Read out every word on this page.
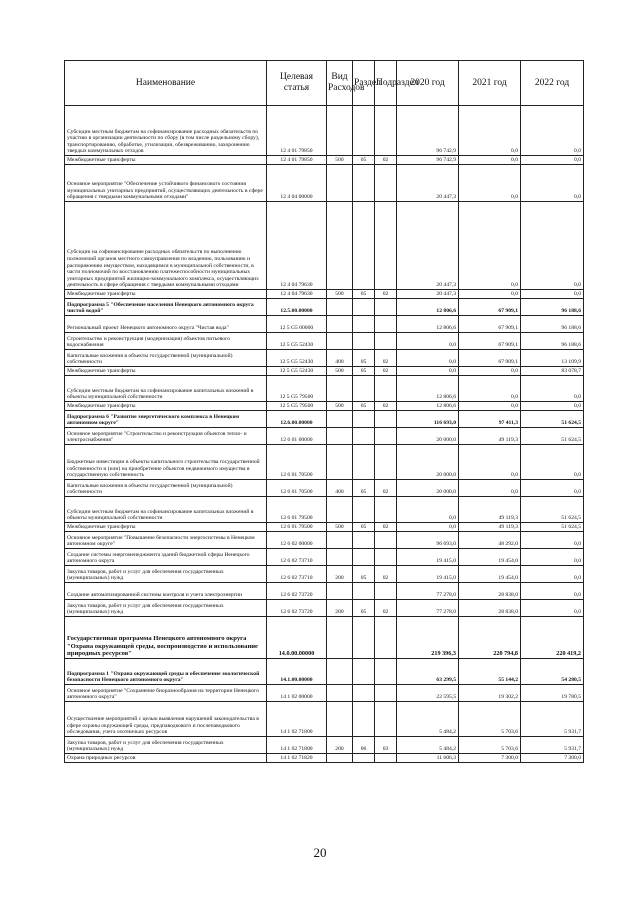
Наименование	Целевая статья	Вид Расходов	Раздел	Подраздел	2020 год	2021 год	2022 год
Субсидии местным бюджетам на софинансирование расходных обязательств по участию в организации деятельности по сбору (в том числе раздельному сбору), транспортированию, обработке, утилизации, обезвреживанию, захоронению твердых коммунальных отходов	12 4 01 79850				96 742,9	0,0	0,0
Межбюджетные трансферты	12 4 01 79850	500	05	02	96 742,9	0,0	0,0
Основное мероприятие "Обеспечение устойчивого финансового состояния муниципальных унитарных предприятий, осуществляющих деятельность в сфере обращения с твердыми коммунальными отходами"	12 4 04 00000				20 447,3	0,0	0,0
Субсидии на софинансирование расходных обязательств по выполнению полномочий органов местного самоуправления по владению, пользованию и распоряжению имуществом, находящимся в муниципальной собственности, в части полномочий по восстановлению платежеспособности муниципальных унитарных предприятий жилищно-коммунального комплекса, осуществляющих деятельность в сфере обращения с твердыми коммунальными отходами	12 4 04 79630				20 447,3	0,0	0,0
Межбюджетные трансферты	12 4 04 79630	500	05	02	20 447,3	0,0	0,0
Подпрограмма 5 "Обеспечение населения Ненецкого автономного округа чистой водой"	12.5.00.00000				12 806,6	67 909,1	96 188,6
Региональный проект Ненецкого автономного округа "Чистая вода"	12 5 G5 00000				12 806,6	67 909,1	96 188,6
Строительство и реконструкция (модернизация) объектов питьевого водоснабжения	12 5 G5 52430				0,0	67 909,1	96 188,6
Капитальные вложения в объекты государственной (муниципальной) собственности	12 5 G5 52430	400	05	02	0,0	67 909,1	13 109,9
Межбюджетные трансферты	12 5 G5 52430	500	05	02	0,0	0,0	83 078,7
Субсидии местным бюджетам на софинансирование капитальных вложений в объекты муниципальной собственности	12 5 G5 79500				12 806,6	0,0	0,0
Межбюджетные трансферты	12 5 G5 79500	500	05	02	12 806,6	0,0	0,0
Подпрограмма 6 "Развитие энергетического комплекса в Ненецком автономном округе"	12.6.00.00000				116 693,0	97 411,3	51 624,5
Основное мероприятие "Строительство и реконструкция объектов тепло- и электроснабжения"	12 6 01 00000				20 000,0	49 119,3	51 624,5
Бюджетные инвестиции в объекты капитального строительства государственной собственности и (или) на приобретение объектов недвижимого имущества в государственную собственность	12 6 01 70500				20 000,0	0,0	0,0
Капитальные вложения в объекты государственной (муниципальной) собственности	12 6 01 70500	400	05	02	20 000,0	0,0	0,0
Субсидии местным бюджетам на софинансирование капитальных вложений в объекты муниципальной собственности	12 6 01 79500				0,0	49 119,3	51 624,5
Межбюджетные трансферты	12 6 01 79500	500	05	02	0,0	49 119,3	51 624,5
Основное мероприятие "Повышение безопасности энергосистемы в Ненецком автономном округе"	12 6 02 00000				96 693,0	48 292,0	0,0
Создание системы энергоменеджмента зданий бюджетной сферы Ненецкого автономного округа	12 6 02 73710				19 415,0	19 454,0	0,0
Закупка товаров, работ и услуг для обеспечения государственных (муниципальных) нужд	12 6 02 73710	200	05	02	19 415,0	19 454,0	0,0
Создание автоматизированной системы контроля и учета электроэнергии	12 6 02 73720				77 278,0	28 838,0	0,0
Закупка товаров, работ и услуг для обеспечения государственных (муниципальных) нужд	12 6 02 73720	200	05	02	77 278,0	28 838,0	0,0
Государственная программа Ненецкого автономного округа "Охрана окружающей среды, воспроизводство и использование природных ресурсов"	14.0.00.00000				219 396,3	220 794,8	220 419,2
Подпрограмма 1 "Охрана окружающей среды и обеспечение экологической безопасности Ненецкого автономного округа"	14.1.00.00000				63 299,5	55 144,2	54 280,5
Основное мероприятие "Сохранение биоразнообразия на территории Ненецкого автономного округа"	14 1 02 00000				22 595,5	19 302,2	19 780,5
Осуществление мероприятий с целью выявления нарушений законодательства в сфере охраны окружающей среды, предпаводкового и послепаводкового обследования, учета охотничьих ресурсов	14 1 02 71800				5 484,2	5 703,6	5 931,7
Закупка товаров, работ и услуг для обеспечения государственных (муниципальных) нужд	14 1 02 71800	200	06	03	5 484,2	5 703,6	5 931,7
Охрана природных ресурсов	14 1 02 71820				11 606,3	7 300,0	7 300,0
20
